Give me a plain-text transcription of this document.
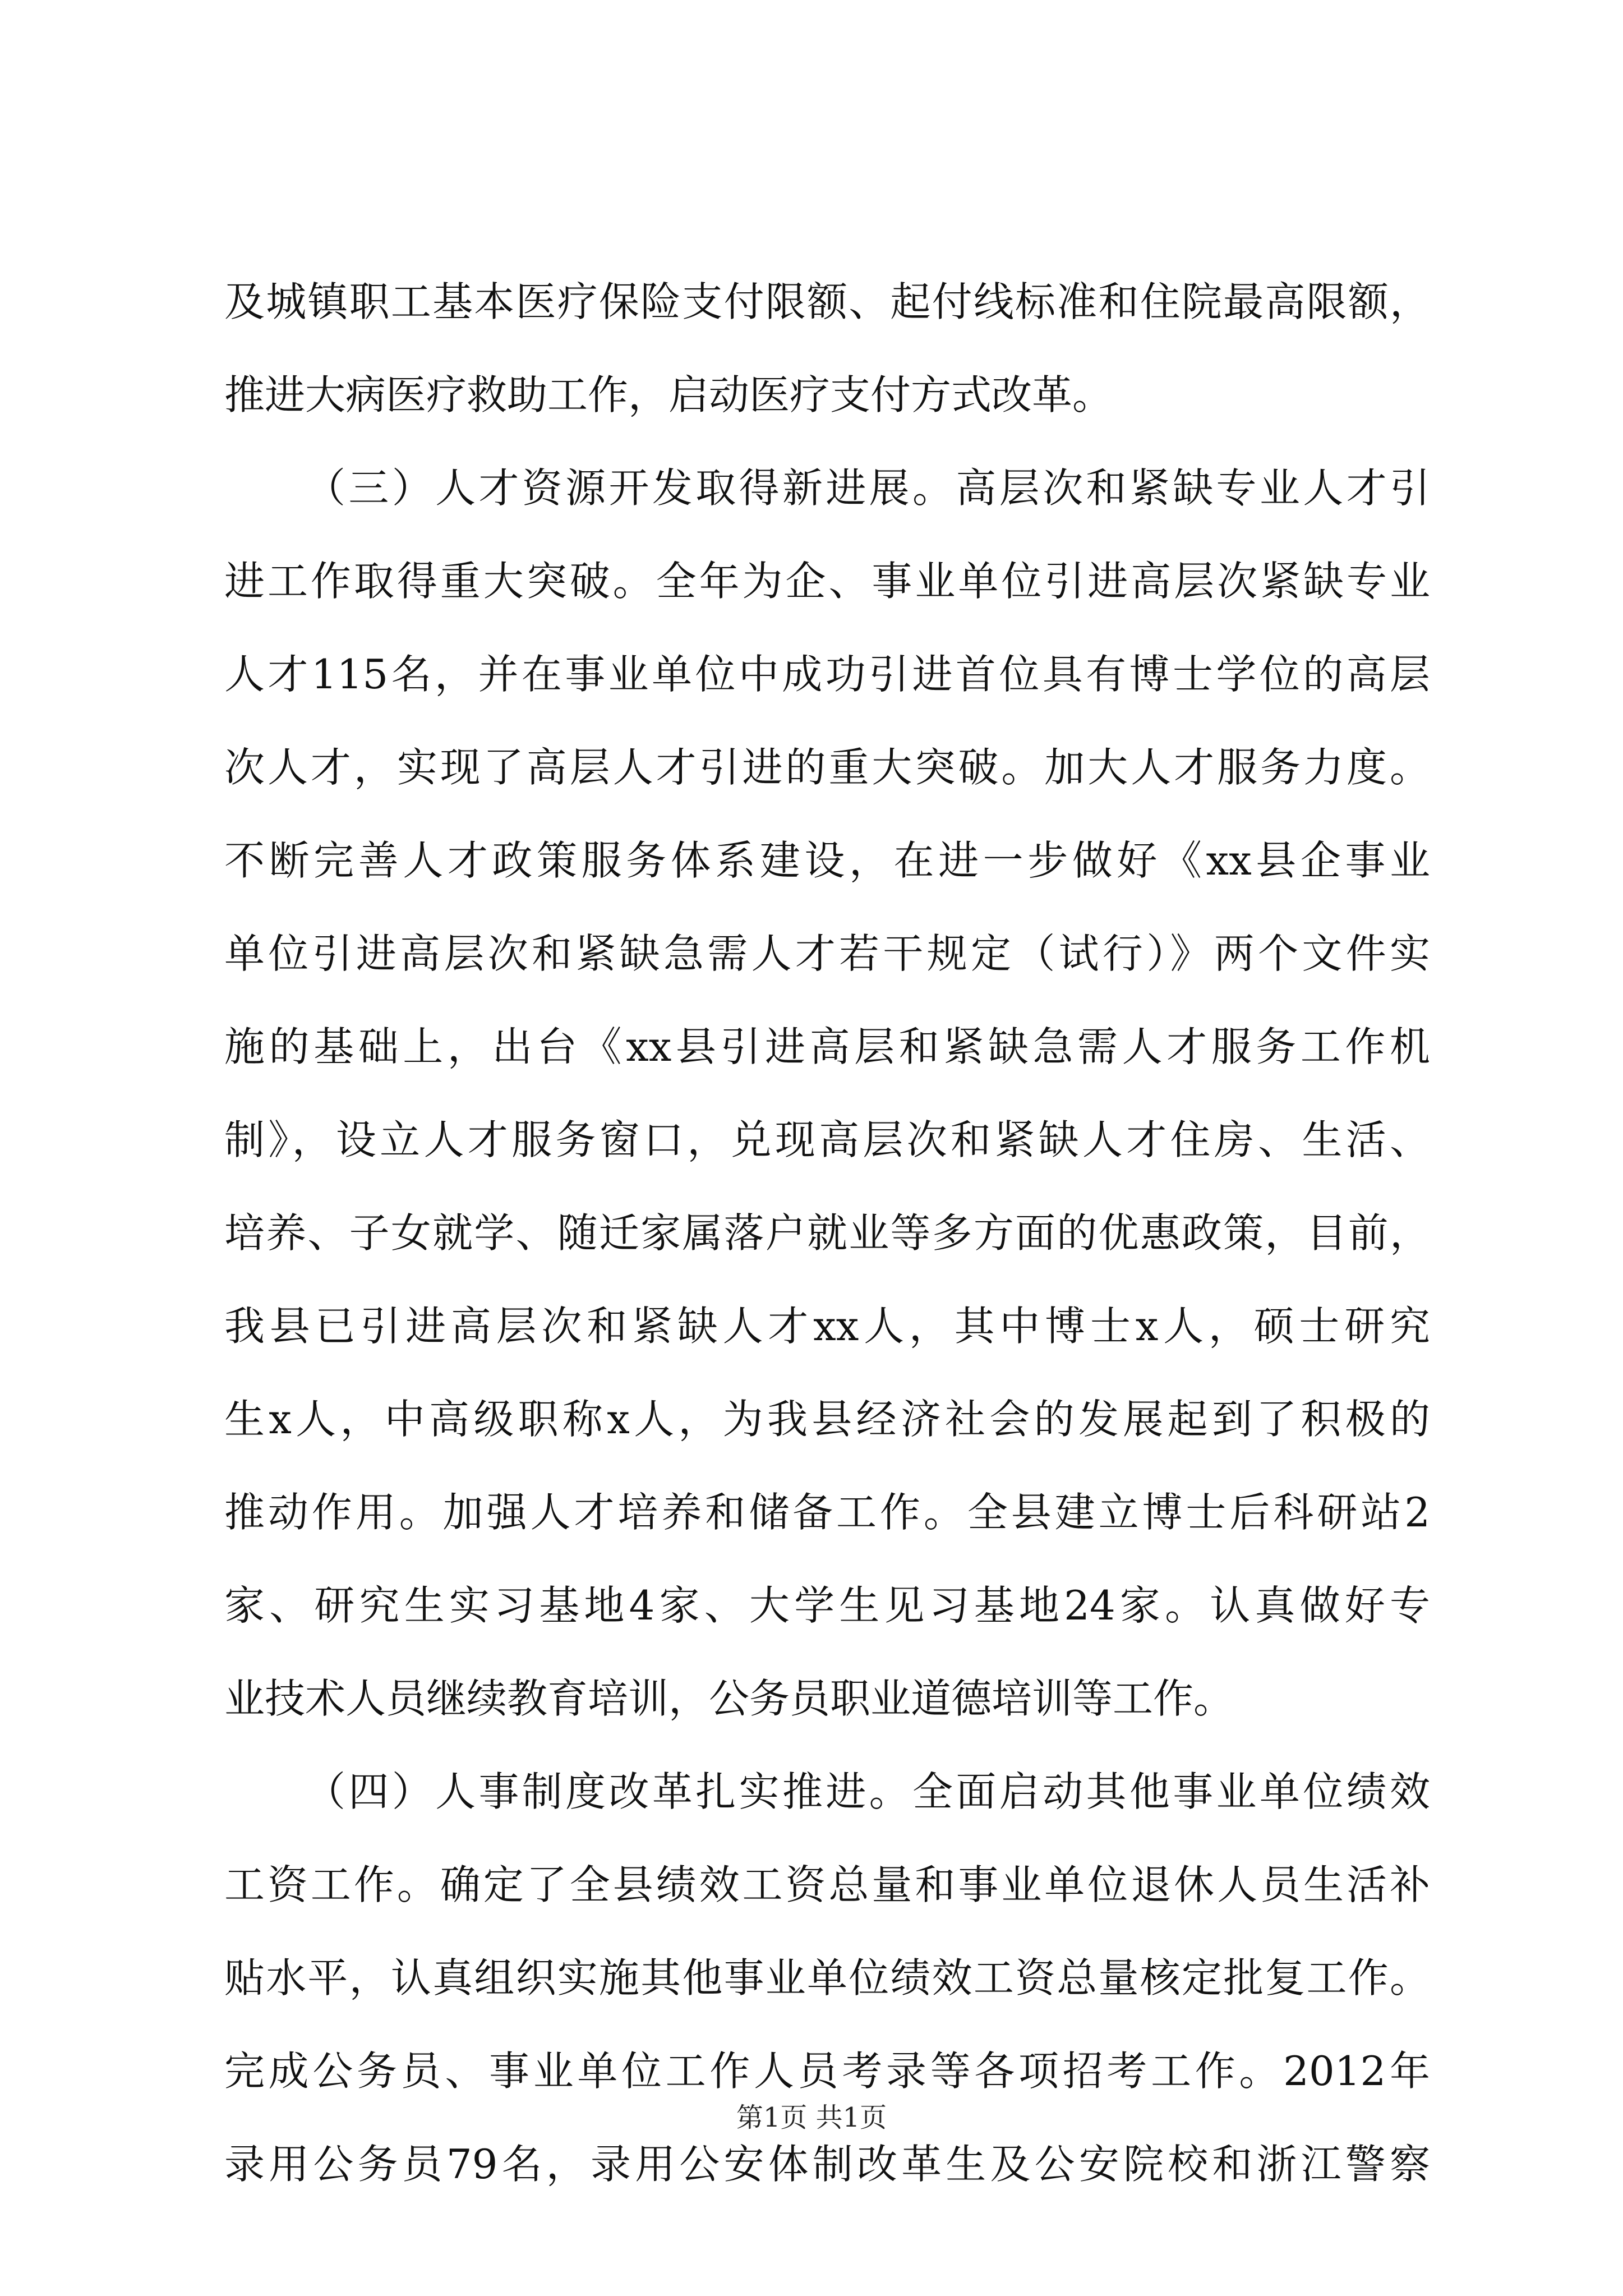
及城镇职工基本医疗保险支付限额、起付线标准和住院最高限额，
推进大病医疗救助工作，启动医疗支付方式改革。
（三）人才资源开发取得新进展。高层次和紧缺专业人才引
进工作取得重大突破。全年为企、事业单位引进高层次紧缺专业
人才115名，并在事业单位中成功引进首位具有博士学位的高层
次人才，实现了高层人才引进的重大突破。加大人才服务力度。
不断完善人才政策服务体系建设，在进一步做好《xx县企事业
单位引进高层次和紧缺急需人才若干规定（试行）》两个文件实
施的基础上，出台《xx县引进高层和紧缺急需人才服务工作机
制》，设立人才服务窗口，兑现高层次和紧缺人才住房、生活、
培养、子女就学、随迁家属落户就业等多方面的优惠政策，目前，
我县已引进高层次和紧缺人才xx人，其中博士x人，硕士研究
生x人，中高级职称x人，为我县经济社会的发展起到了积极的
推动作用。加强人才培养和储备工作。全县建立博士后科研站2
家、研究生实习基地4家、大学生见习基地24家。认真做好专
业技术人员继续教育培训，公务员职业道德培训等工作。
（四）人事制度改革扎实推进。全面启动其他事业单位绩效
工资工作。确定了全县绩效工资总量和事业单位退休人员生活补
贴水平，认真组织实施其他事业单位绩效工资总量核定批复工作。
完成公务员、事业单位工作人员考录等各项招考工作。2012年
录用公务员79名，录用公安体制改革生及公安院校和浙江警察
第1页 共1页
